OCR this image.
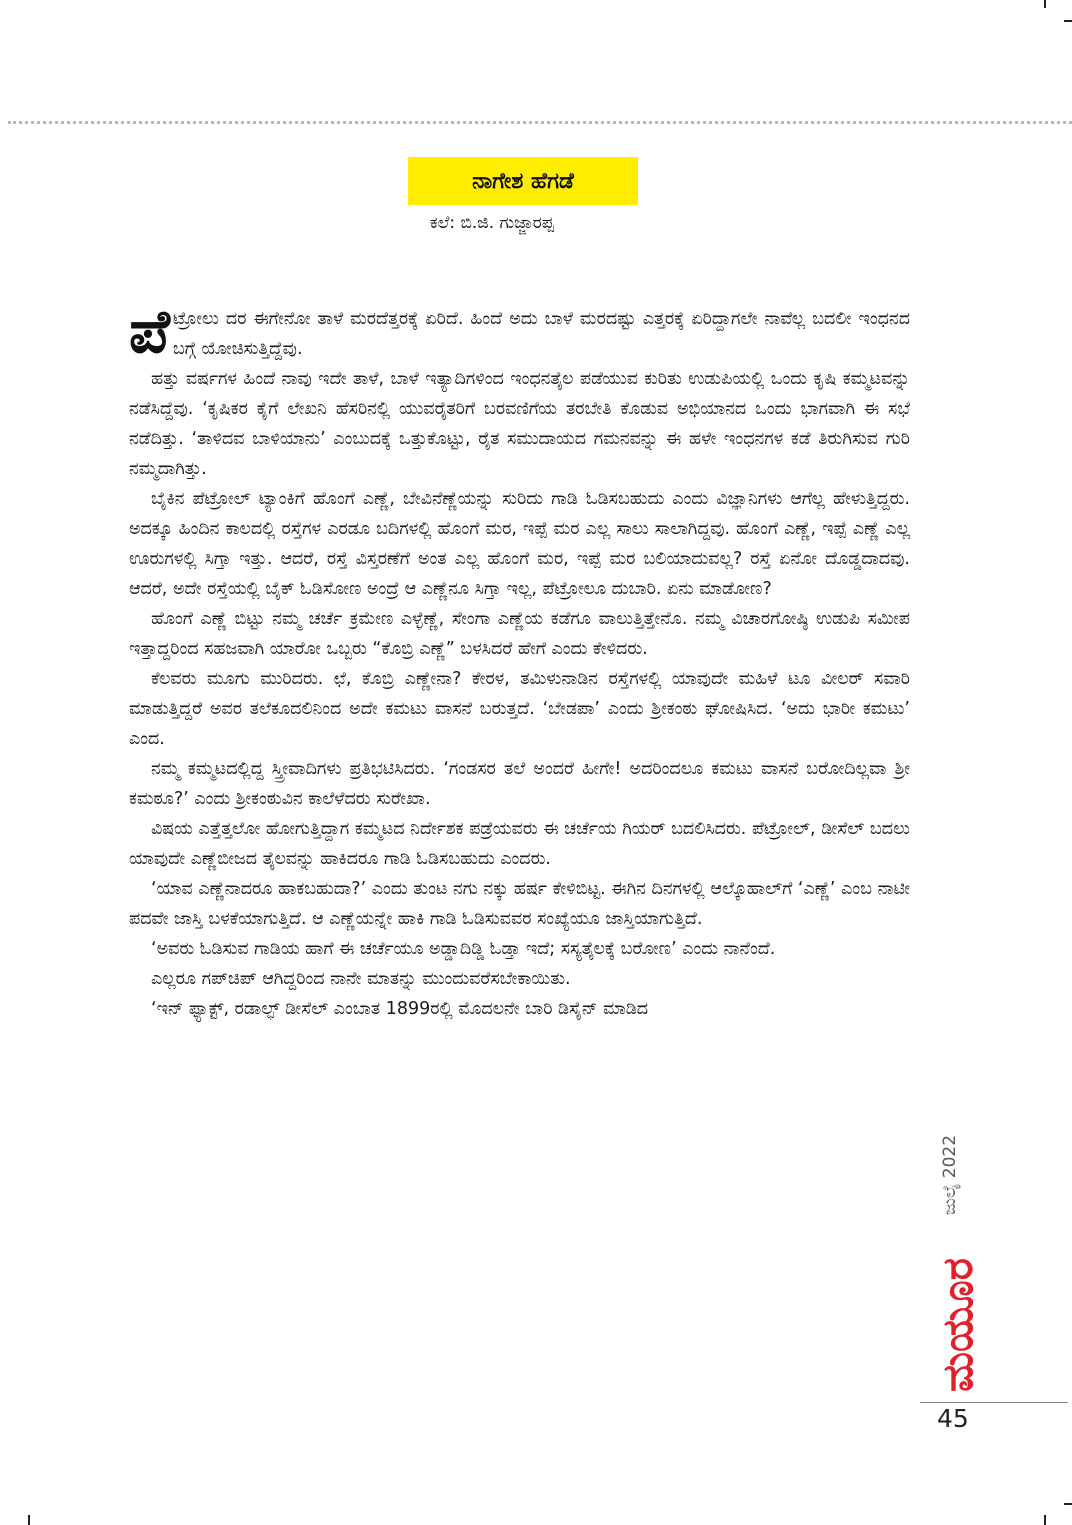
ನಾಗೇಶ ಹೆಗಡೆ
ಕಲೆ: ಬಿ.ಜಿ. ಗುಜ್ಜಾರಪ್ಪ

ಪೆಟ್ರೋಲು ದರ ಈಗೇನೋ ತಾಳೆ ಮರದೆತ್ತರಕ್ಕೆ ಏರಿದೆ. ಹಿಂದೆ ಅದು ಬಾಳೆ ಮರದಷ್ಟು ಎತ್ತರಕ್ಕೆ ಏರಿದ್ದಾಗಲೇ ನಾವೆಲ್ಲ ಬದಲೀ ಇಂಧನದ ಬಗ್ಗೆ ಯೋಚಿಸುತ್ತಿದ್ದೆವು.

ಹತ್ತು ವರ್ಷಗಳ ಹಿಂದೆ ನಾವು ಇದೇ ತಾಳೆ, ಬಾಳೆ ಇತ್ಯಾದಿಗಳಿಂದ ಇಂಧನತೈಲ ಪಡೆಯುವ ಕುರಿತು ಉಡುಪಿಯಲ್ಲಿ ಒಂದು ಕೃಷಿ ಕಮ್ಮಟವನ್ನು ನಡೆಸಿದ್ದೆವು. ‘ಕೃಷಿಕರ ಕೈಗೆ ಲೇಖನಿ ಹೆಸರಿನಲ್ಲಿ ಯುವರೈತರಿಗೆ ಬರವಣಿಗೆಯ ತರಬೇತಿ ಕೊಡುವ ಅಭಿಯಾನದ ಒಂದು ಭಾಗವಾಗಿ ಈ ಸಭೆ ನಡೆದಿತ್ತು. ‘ತಾಳಿದವ ಬಾಳಿಯಾನು’ ಎಂಬುದಕ್ಕೆ ಒತ್ತುಕೊಟ್ಟು, ರೈತ ಸಮುದಾಯದ ಗಮನವನ್ನು ಈ ಹಳೇ ಇಂಧನಗಳ ಕಡೆ ತಿರುಗಿಸುವ ಗುರಿ ನಮ್ಮದಾಗಿತ್ತು.

ಬೈಕಿನ ಪೆಟ್ರೋಲ್ ಟ್ಯಾಂಕಿಗೆ ಹೊಂಗೆ ಎಣ್ಣೆ, ಬೇವಿನೆಣ್ಣೆಯನ್ನು ಸುರಿದು ಗಾಡಿ ಓಡಿಸಬಹುದು ಎಂದು ವಿಜ್ಞಾನಿಗಳು ಆಗೆಲ್ಲ ಹೇಳುತ್ತಿದ್ದರು. ಅದಕ್ಕೂ ಹಿಂದಿನ ಕಾಲದಲ್ಲಿ ರಸ್ತೆಗಳ ಎರಡೂ ಬದಿಗಳಲ್ಲಿ ಹೊಂಗೆ ಮರ, ಇಪ್ಪೆ ಮರ ಎಲ್ಲ ಸಾಲು ಸಾಲಾಗಿದ್ದವು. ಹೊಂಗೆ ಎಣ್ಣೆ, ಇಪ್ಪೆ ಎಣ್ಣೆ ಎಲ್ಲ ಊರುಗಳಲ್ಲಿ ಸಿಗ್ತಾ ಇತ್ತು. ಆದರೆ, ರಸ್ತೆ ವಿಸ್ತರಣೆಗೆ ಅಂತ ಎಲ್ಲ ಹೊಂಗೆ ಮರ, ಇಪ್ಪೆ ಮರ ಬಲಿಯಾದುವಲ್ಲ? ರಸ್ತೆ ಏನೋ ದೊಡ್ಡದಾದವು. ಆದರೆ, ಅದೇ ರಸ್ತೆಯಲ್ಲಿ ಬೈಕ್ ಓಡಿಸೋಣ ಅಂದ್ರೆ ಆ ಎಣ್ಣೆನೂ ಸಿಗ್ತಾ ಇಲ್ಲ, ಪೆಟ್ರೋಲೂ ದುಬಾರಿ. ಏನು ಮಾಡೋಣ?

ಹೊಂಗೆ ಎಣ್ಣೆ ಬಿಟ್ಟು ನಮ್ಮ ಚರ್ಚೆ ಕ್ರಮೇಣ ಎಳ್ಳೆಣ್ಣೆ, ಸೇಂಗಾ ಎಣ್ಣೆಯ ಕಡೆಗೂ ವಾಲುತ್ತಿತ್ತೇನೊ. ನಮ್ಮ ವಿಚಾರಗೋಷ್ಠಿ ಉಡುಪಿ ಸಮೀಪ ಇತ್ತಾದ್ದರಿಂದ ಸಹಜವಾಗಿ ಯಾರೋ ಒಬ್ಬರು “ಕೊಬ್ರಿ ಎಣ್ಣೆ” ಬಳಸಿದರೆ ಹೇಗೆ ಎಂದು ಕೇಳಿದರು.

ಕೆಲವರು ಮೂಗು ಮುರಿದರು. ಛೆ, ಕೊಬ್ರಿ ಎಣ್ಣೇನಾ? ಕೇರಳ, ತಮಿಳುನಾಡಿನ ರಸ್ತೆಗಳಲ್ಲಿ ಯಾವುದೇ ಮಹಿಳೆ ಟೂ ವೀಲರ್ ಸವಾರಿ ಮಾಡುತ್ತಿದ್ದರೆ ಅವರ ತಲೆಕೂದಲಿನಿಂದ ಅದೇ ಕಮಟು ವಾಸನೆ ಬರುತ್ತದೆ. ‘ಬೇಡಪಾ’ ಎಂದು ಶ್ರೀಕಂಠು ಘೋಷಿಸಿದ. ‘ಅದು ಭಾರೀ ಕಮಟು’ ಎಂದ.

ನಮ್ಮ ಕಮ್ಮಟದಲ್ಲಿದ್ದ ಸ್ತ್ರೀವಾದಿಗಳು ಪ್ರತಿಭಟಿಸಿದರು. ‘ಗಂಡಸರ ತಲೆ ಅಂದರೆ ಹೀಗೇ! ಅದರಿಂದಲೂ ಕಮಟು ವಾಸನೆ ಬರೋದಿಲ್ಲವಾ ಶ್ರೀ ಕಮಠೂ?’ ಎಂದು ಶ್ರೀಕಂಠುವಿನ ಕಾಲೆಳೆದರು ಸುರೇಖಾ.

ವಿಷಯ ಎತ್ತೆತ್ತಲೋ ಹೋಗುತ್ತಿದ್ದಾಗ ಕಮ್ಮಟದ ನಿರ್ದೇಶಕ ಪಡ್ರೆಯವರು ಈ ಚರ್ಚೆಯ ಗಿಯರ್ ಬದಲಿಸಿದರು. ಪೆಟ್ರೋಲ್, ಡೀಸೆಲ್ ಬದಲು ಯಾವುದೇ ಎಣ್ಣೆಬೀಜದ ತೈಲವನ್ನು ಹಾಕಿದರೂ ಗಾಡಿ ಓಡಿಸಬಹುದು ಎಂದರು.

‘ಯಾವ ಎಣ್ಣೆನಾದರೂ ಹಾಕಬಹುದಾ?’ ಎಂದು ತುಂಟ ನಗು ನಕ್ಕು ಹರ್ಷ ಕೇಳಿಬಿಟ್ಟ. ಈಗಿನ ದಿನಗಳಲ್ಲಿ ಆಲ್ಕೊಹಾಲ್‌ಗೆ ‘ಎಣ್ಣೆ’ ಎಂಬ ನಾಟೀ ಪದವೇ ಜಾಸ್ತಿ ಬಳಕೆಯಾಗುತ್ತಿದೆ. ಆ ಎಣ್ಣೆಯನ್ನೇ ಹಾಕಿ ಗಾಡಿ ಓಡಿಸುವವರ ಸಂಖ್ಯೆಯೂ ಜಾಸ್ತಿಯಾಗುತ್ತಿದೆ.

‘ಅವರು ಓಡಿಸುವ ಗಾಡಿಯ ಹಾಗೆ ಈ ಚರ್ಚೆಯೂ ಅಡ್ಡಾದಿಡ್ಡಿ ಓಡ್ತಾ ಇದೆ; ಸಸ್ಯತೈಲಕ್ಕೆ ಬರೋಣ’ ಎಂದು ನಾನೆಂದೆ.

ಎಲ್ಲರೂ ಗಪ್‌ಚಿಪ್ ಆಗಿದ್ದರಿಂದ ನಾನೇ ಮಾತನ್ನು ಮುಂದುವರೆಸಬೇಕಾಯಿತು.

‘ಇನ್ ಫ್ಯಾಕ್ಟ್, ರಡಾಲ್ಫ್ ಡೀಸೆಲ್ ಎಂಬಾತ 1899ರಲ್ಲಿ ಮೊದಲನೇ ಬಾರಿ ಡಿಸೈನ್ ಮಾಡಿದ

ಜುಲೈ 2022
ಮಯೂರ
45
